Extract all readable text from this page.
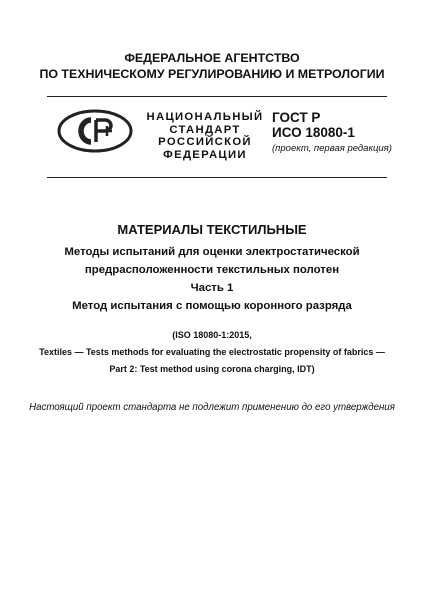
ФЕДЕРАЛЬНОЕ АГЕНТСТВО
ПО ТЕХНИЧЕСКОМУ РЕГУЛИРОВАНИЮ И МЕТРОЛОГИИ
НАЦИОНАЛЬНЫЙ
СТАНДАРТ
РОССИЙСКОЙ
ФЕДЕРАЦИИ
ГОСТ Р
ИСО 18080-1
(проект, первая редакция)
МАТЕРИАЛЫ ТЕКСТИЛЬНЫЕ
Методы испытаний для оценки электростатической
предрасположенности текстильных полотен
Часть 1
Метод испытания с помощью коронного разряда
(ISO 18080-1:2015,
Textiles — Tests methods for evaluating the electrostatic propensity of fabrics —
Part 2: Test method using corona charging, IDT)
Настоящий проект стандарта не подлежит применению до его утверждения
